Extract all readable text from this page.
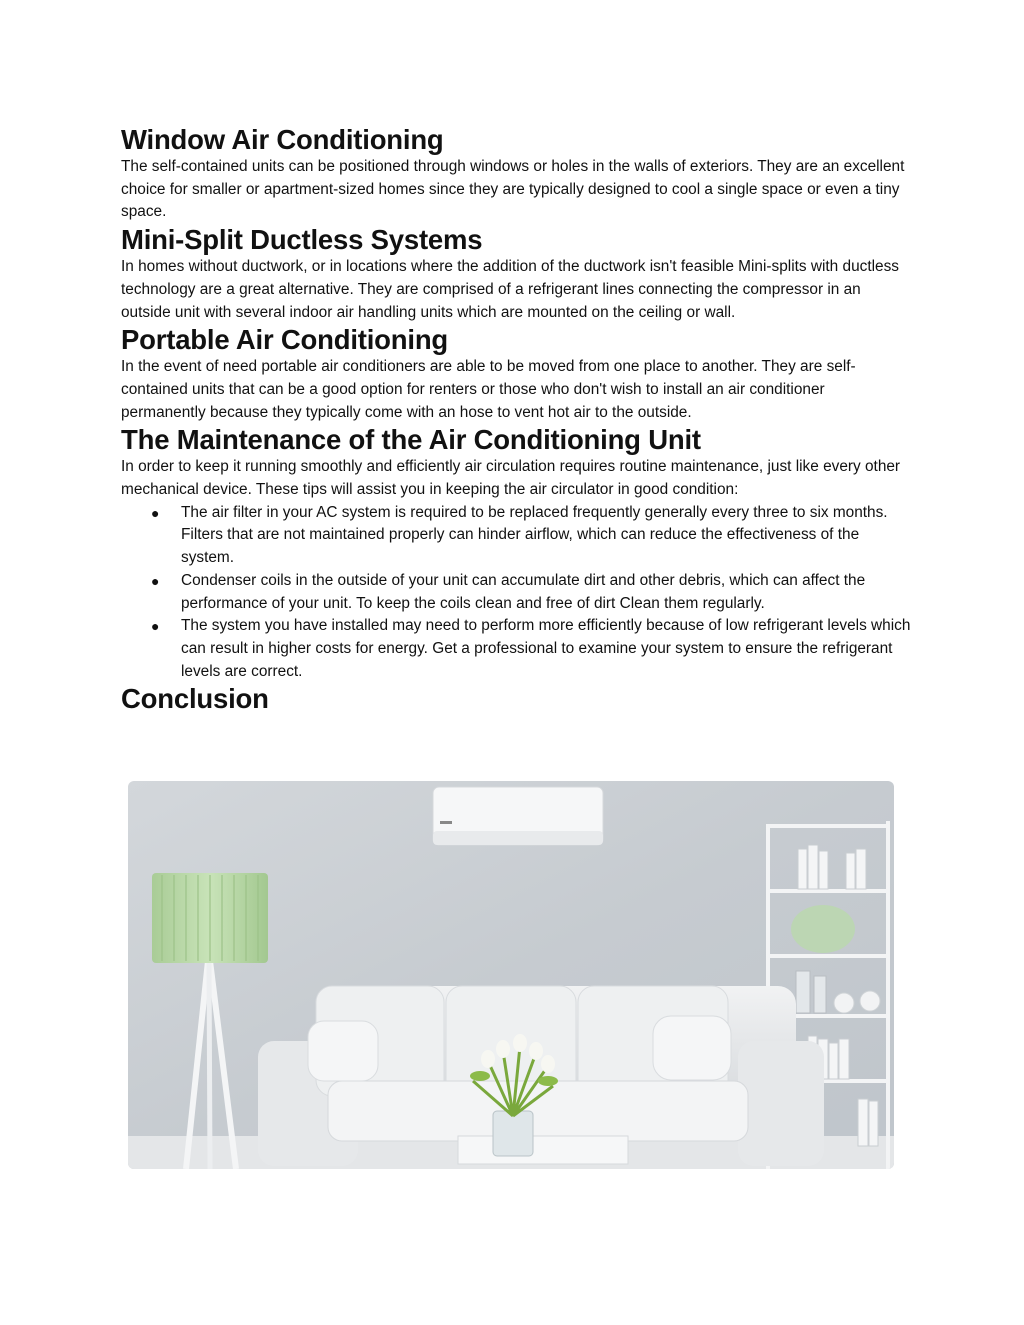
Window Air Conditioning

The self-contained units can be positioned through windows or holes in the walls of exteriors. They are an excellent choice for smaller or apartment-sized homes since they are typically designed to cool a single space or even a tiny space.

Mini-Split Ductless Systems

In homes without ductwork, or in locations where the addition of the ductwork isn't feasible Mini-splits with ductless technology are a great alternative. They are comprised of a refrigerant lines connecting the compressor in an outside unit with several indoor air handling units which are mounted on the ceiling or wall.

Portable Air Conditioning

In the event of need portable air conditioners are able to be moved from one place to another. They are self-contained units that can be a good option for renters or those who don't wish to install an air conditioner permanently because they typically come with an hose to vent hot air to the outside.

The Maintenance of the Air Conditioning Unit

In order to keep it running smoothly and efficiently air circulation requires routine maintenance, just like every other mechanical device. These tips will assist you in keeping the air circulator in good condition:

● The air filter in your AC system is required to be replaced frequently generally every three to six months. Filters that are not maintained properly can hinder airflow, which can reduce the effectiveness of the system.
● Condenser coils in the outside of your unit can accumulate dirt and other debris, which can affect the performance of your unit. To keep the coils clean and free of dirt Clean them regularly.
● The system you have installed may need to perform more efficiently because of low refrigerant levels which can result in higher costs for energy. Get a professional to examine your system to ensure the refrigerant levels are correct.
Conclusion
